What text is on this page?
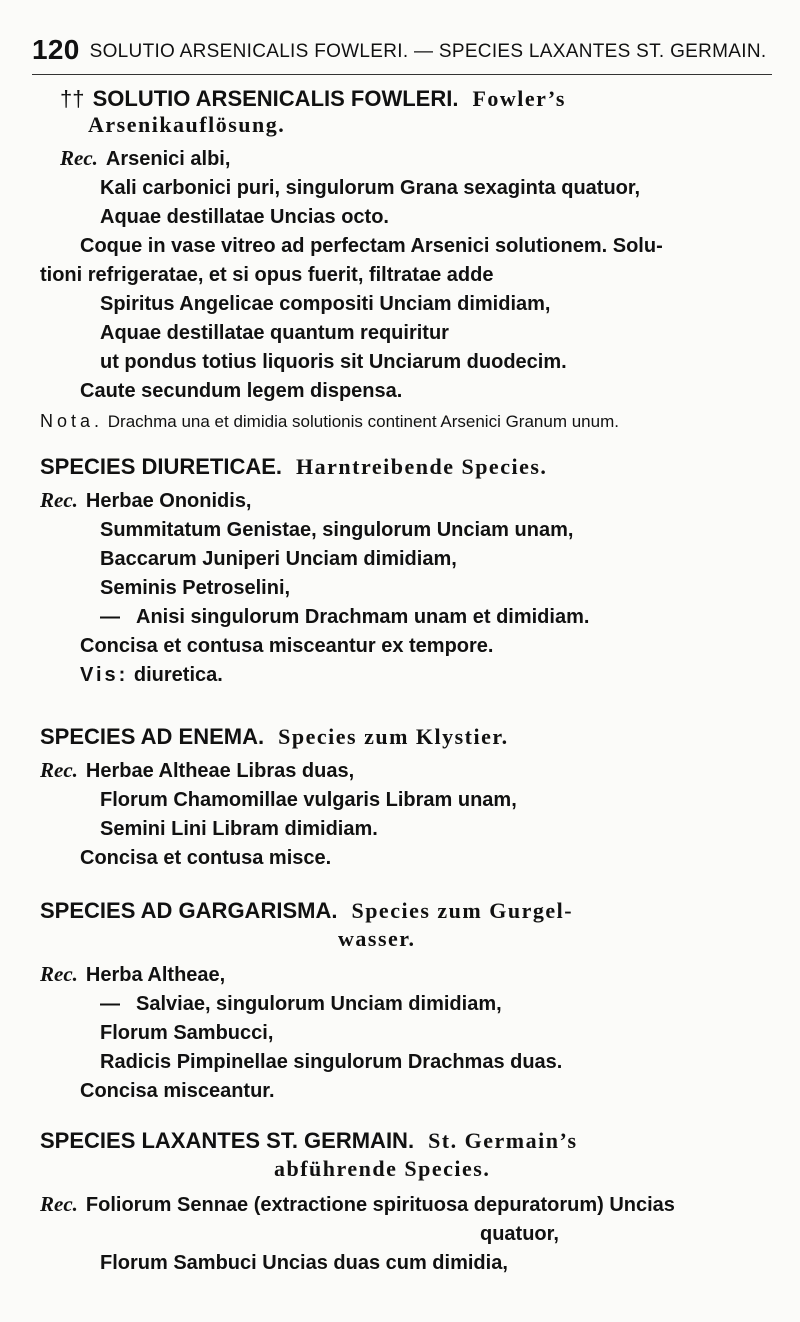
120 SOLUTIO ARSENICALIS FOWLERI. — SPECIES LAXANTES ST. GERMAIN.
†† SOLUTIO ARSENICALIS FOWLERI. Fowler’s
Arsenikauflösung.
Rec. Arsenici albi,
Kali carbonici puri, singulorum Grana sexaginta quatuor,
Aquae destillatae Uncias octo.
Coque in vase vitreo ad perfectam Arsenici solutionem. Solu-
tioni refrigeratae, et si opus fuerit, filtratae adde
Spiritus Angelicae compositi Unciam dimidiam,
Aquae destillatae quantum requiritur
ut pondus totius liquoris sit Unciarum duodecim.
Caute secundum legem dispensa.
Nota. Drachma una et dimidia solutionis continent Arsenici Granum unum.
SPECIES DIURETICAE. Harntreibende Species.
Rec. Herbae Ononidis,
Summitatum Genistae, singulorum Unciam unam,
Baccarum Juniperi Unciam dimidiam,
Seminis Petroselini,
— Anisi singulorum Drachmam unam et dimidiam.
Concisa et contusa misceantur ex tempore.
Vis: diuretica.
SPECIES AD ENEMA. Species zum Klystier.
Rec. Herbae Altheae Libras duas,
Florum Chamomillae vulgaris Libram unam,
Semini Lini Libram dimidiam.
Concisa et contusa misce.
SPECIES AD GARGARISMA. Species zum Gurgel-
wasser.
Rec. Herba Altheae,
— Salviae, singulorum Unciam dimidiam,
Florum Sambucci,
Radicis Pimpinellae singulorum Drachmas duas.
Concisa misceantur.
SPECIES LAXANTES ST. GERMAIN. St. Germain’s
abführende Species.
Rec. Foliorum Sennae (extractione spirituosa depuratorum) Uncias
quatuor,
Florum Sambuci Uncias duas cum dimidia,
